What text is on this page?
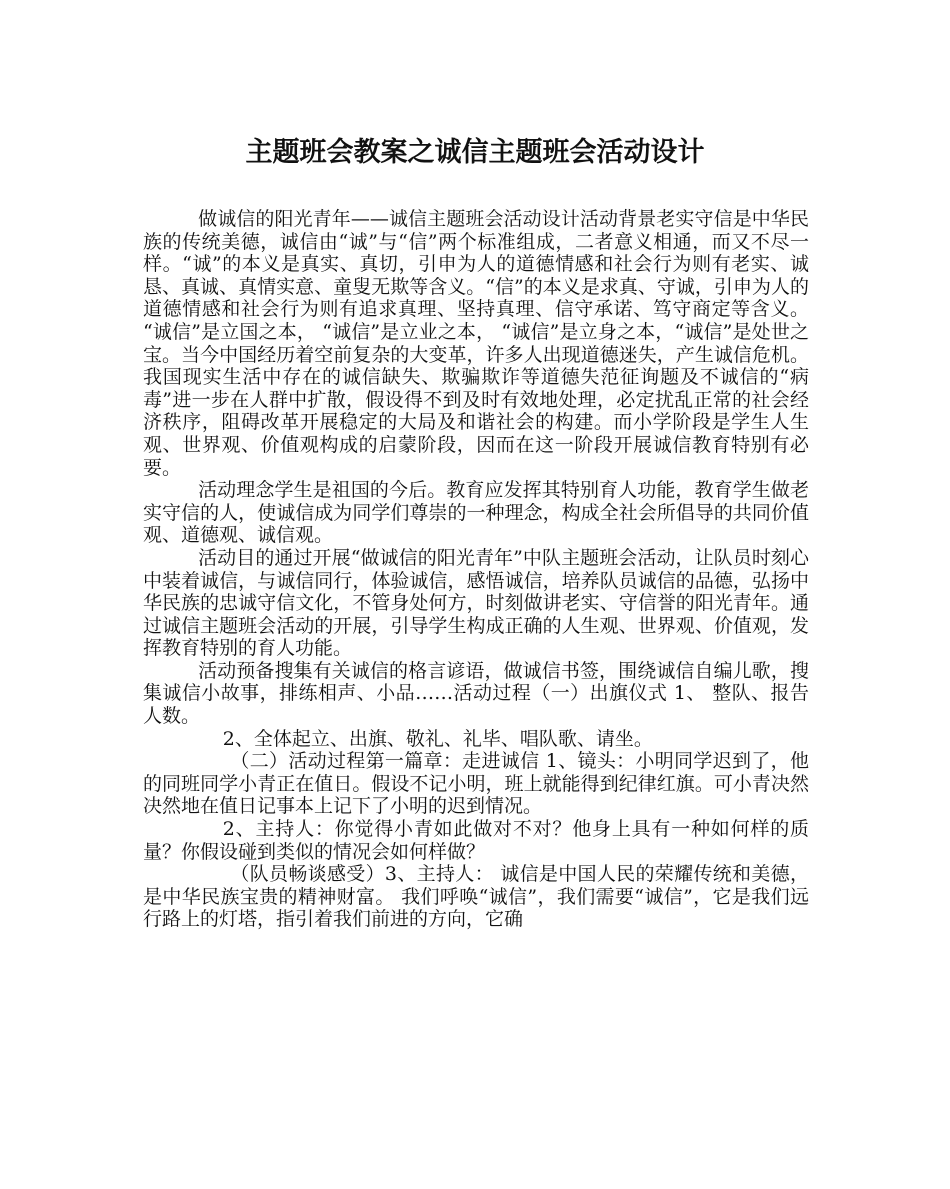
主题班会教案之诚信主题班会活动设计

做诚信的阳光青年——诚信主题班会活动设计活动背景老实守信是中华民族的传统美德，诚信由“诚”与“信”两个标准组成，二者意义相通，而又不尽一样。“诚”的本义是真实、真切，引申为人的道德情感和社会行为则有老实、诚恳、真诚、真情实意、童叟无欺等含义。“信”的本义是求真、守诚，引申为人的道德情感和社会行为则有追求真理、坚持真理、信守承诺、笃守商定等含义。 “诚信”是立国之本， “诚信”是立业之本， “诚信”是立身之本，“诚信”是处世之宝。当今中国经历着空前复杂的大变革，许多人出现道德迷失，产生诚信危机。我国现实生活中存在的诚信缺失、欺骗欺诈等道德失范征询题及不诚信的“病毒”进一步在人群中扩散，假设得不到及时有效地处理，必定扰乱正常的社会经济秩序，阻碍改革开展稳定的大局及和谐社会的构建。而小学阶段是学生人生观、世界观、价值观构成的启蒙阶段，因而在这一阶段开展诚信教育特别有必要。

活动理念学生是祖国的今后。教育应发挥其特别育人功能，教育学生做老实守信的人，使诚信成为同学们尊崇的一种理念，构成全社会所倡导的共同价值观、道德观、诚信观。

活动目的通过开展“做诚信的阳光青年”中队主题班会活动，让队员时刻心中装着诚信，与诚信同行，体验诚信，感悟诚信，培养队员诚信的品德，弘扬中华民族的忠诚守信文化，不管身处何方，时刻做讲老实、守信誉的阳光青年。通过诚信主题班会活动的开展，引导学生构成正确的人生观、世界观、价值观，发挥教育特别的育人功能。

活动预备搜集有关诚信的格言谚语，做诚信书签，围绕诚信自编儿歌，搜集诚信小故事，排练相声、小品……活动过程（一）出旗仪式 1、 整队、报告人数。

2、全体起立、出旗、敬礼、礼毕、唱队歌、请坐。

（二）活动过程第一篇章：走进诚信 1、镜头：小明同学迟到了，他的同班同学小青正在值日。假设不记小明，班上就能得到纪律红旗。可小青决然决然地在值日记事本上记下了小明的迟到情况。

2、主持人：你觉得小青如此做对不对？他身上具有一种如何样的质量？你假设碰到类似的情况会如何样做？

（队员畅谈感受）3、主持人： 诚信是中国人民的荣耀传统和美德，是中华民族宝贵的精神财富。 我们呼唤“诚信”，我们需要“诚信”，它是我们远行路上的灯塔，指引着我们前进的方向，它确
